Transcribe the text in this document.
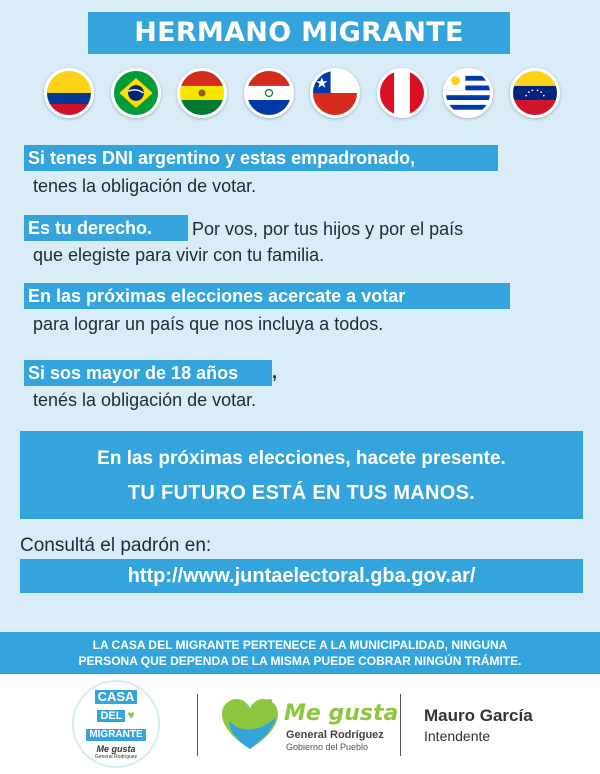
HERMANO MIGRANTE
Si tenes DNI argentino y estas empadronado,
tenes la obligación de votar.
Es tu derecho.	Por vos, por tus hijos y por el país
que elegiste para vivir con tu familia.
En las próximas elecciones acercate a votar
para lograr un país que nos incluya a todos.
Si sos mayor de 18 años	,
tenés la obligación de votar.
En las próximas elecciones, hacete presente.
TU FUTURO ESTÁ EN TUS MANOS.
Consultá el padrón en:
http://www.juntaelectoral.gba.gov.ar/
LA CASA DEL MIGRANTE PERTENECE A LA MUNICIPALIDAD, NINGUNA
PERSONA QUE DEPENDA DE LA MISMA PUEDE COBRAR NINGÚN TRÁMITE.
CASA
DEL ♥
MIGRANTE
Me gusta
General Rodríguez
Me gusta
General Rodríguez
Gobierno del Pueblo
Mauro García
Intendente
